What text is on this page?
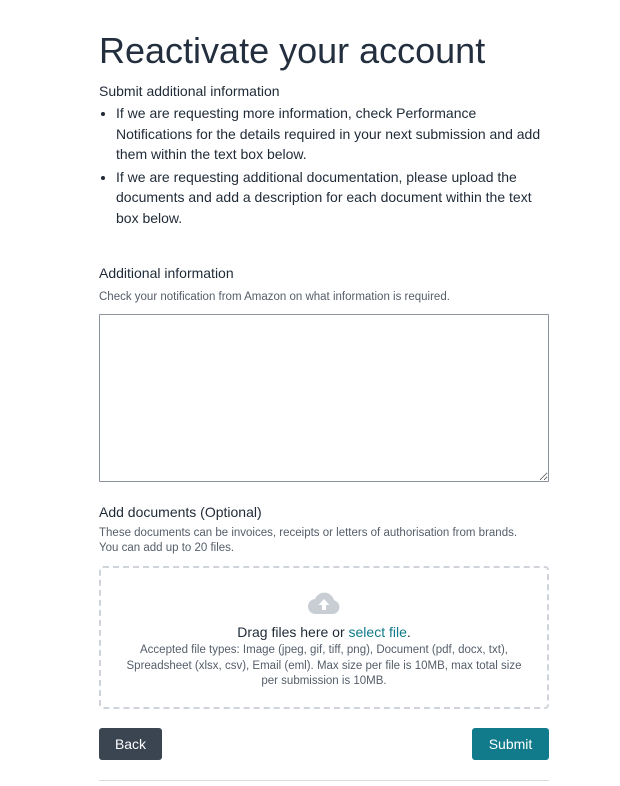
Reactivate your account
Submit additional information
• If we are requesting more information, check Performance Notifications for the details required in your next submission and add them within the text box below.
• If we are requesting additional documentation, please upload the documents and add a description for each document within the text box below.
Additional information
Check your notification from Amazon on what information is required.
Add documents (Optional)
These documents can be invoices, receipts or letters of authorisation from brands.
You can add up to 20 files.
Drag files here or select file.
Accepted file types: Image (jpeg, gif, tiff, png), Document (pdf, docx, txt), Spreadsheet (xlsx, csv), Email (eml). Max size per file is 10MB, max total size per submission is 10MB.
Back	Submit
